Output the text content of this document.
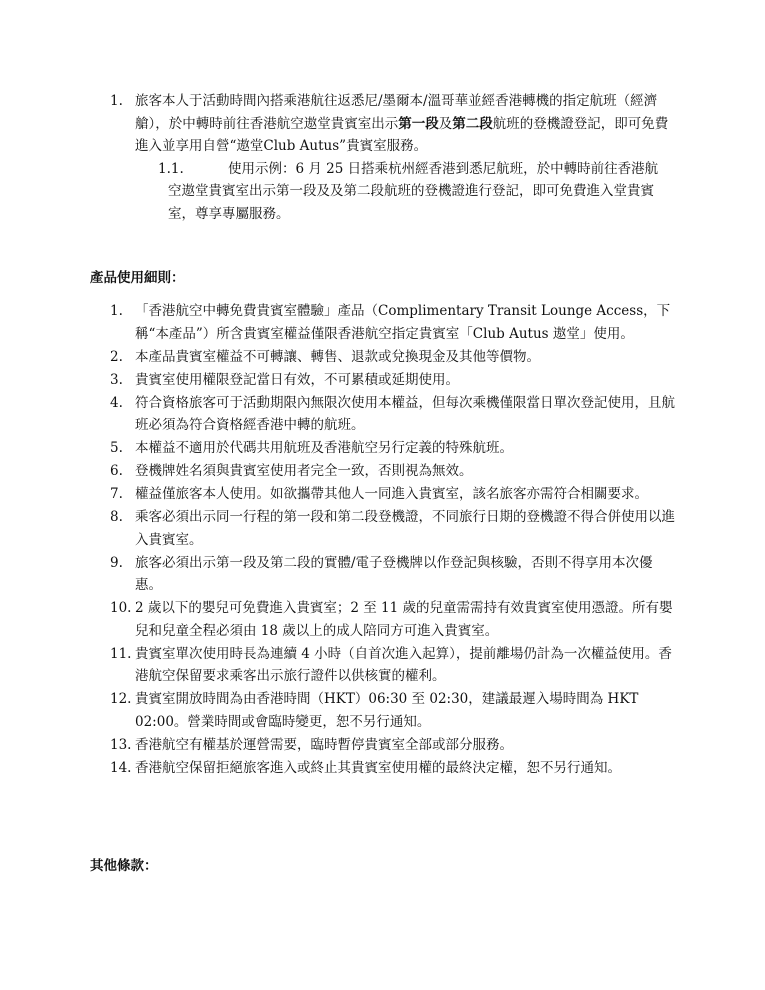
1. 旅客本人于活動時間內搭乘港航往返悉尼/墨爾本/溫哥華並經香港轉機的指定航班（經濟艙），於中轉時前往香港航空遨堂貴賓室出示第一段及第二段航班的登機證登記，即可免費進入並享用自營“遨堂Club Autus”貴賓室服務。
1.1.	使用示例：6 月 25 日搭乘杭州經香港到悉尼航班，於中轉時前往香港航空遨堂貴賓室出示第一段及及第二段航班的登機證進行登記，即可免費進入堂貴賓室，尊享專屬服務。
產品使用細則：
1. 「香港航空中轉免費貴賓室體驗」產品（Complimentary Transit Lounge Access，下稱“本產品”）所含貴賓室權益僅限香港航空指定貴賓室「Club Autus 遨堂」使用。
2. 本產品貴賓室權益不可轉讓、轉售、退款或兌換現金及其他等價物。
3. 貴賓室使用權限登記當日有效，不可累積或延期使用。
4. 符合資格旅客可于活動期限內無限次使用本權益，但每次乘機僅限當日單次登記使用，且航班必須為符合資格經香港中轉的航班。
5. 本權益不適用於代碼共用航班及香港航空另行定義的特殊航班。
6. 登機牌姓名須與貴賓室使用者完全一致，否則視為無效。
7. 權益僅旅客本人使用。如欲攜帶其他人一同進入貴賓室，該名旅客亦需符合相關要求。
8. 乘客必須出示同一行程的第一段和第二段登機證，不同旅行日期的登機證不得合併使用以進入貴賓室。
9. 旅客必須出示第一段及第二段的實體/電子登機牌以作登記與核驗，否則不得享用本次優惠。
10. 2 歲以下的嬰兒可免費進入貴賓室；2 至 11 歲的兒童需需持有效貴賓室使用憑證。所有嬰兒和兒童全程必須由 18 歲以上的成人陪同方可進入貴賓室。
11. 貴賓室單次使用時長為連續 4 小時（自首次進入起算），提前離場仍計為一次權益使用。香港航空保留要求乘客出示旅行證件以供核實的權利。
12. 貴賓室開放時間為由香港時間（HKT）06:30 至 02:30，建議最遲入場時間為 HKT 02:00。營業時間或會臨時變更，恕不另行通知。
13. 香港航空有權基於運營需要，臨時暫停貴賓室全部或部分服務。
14. 香港航空保留拒絕旅客進入或終止其貴賓室使用權的最終決定權，恕不另行通知。
其他條款：
